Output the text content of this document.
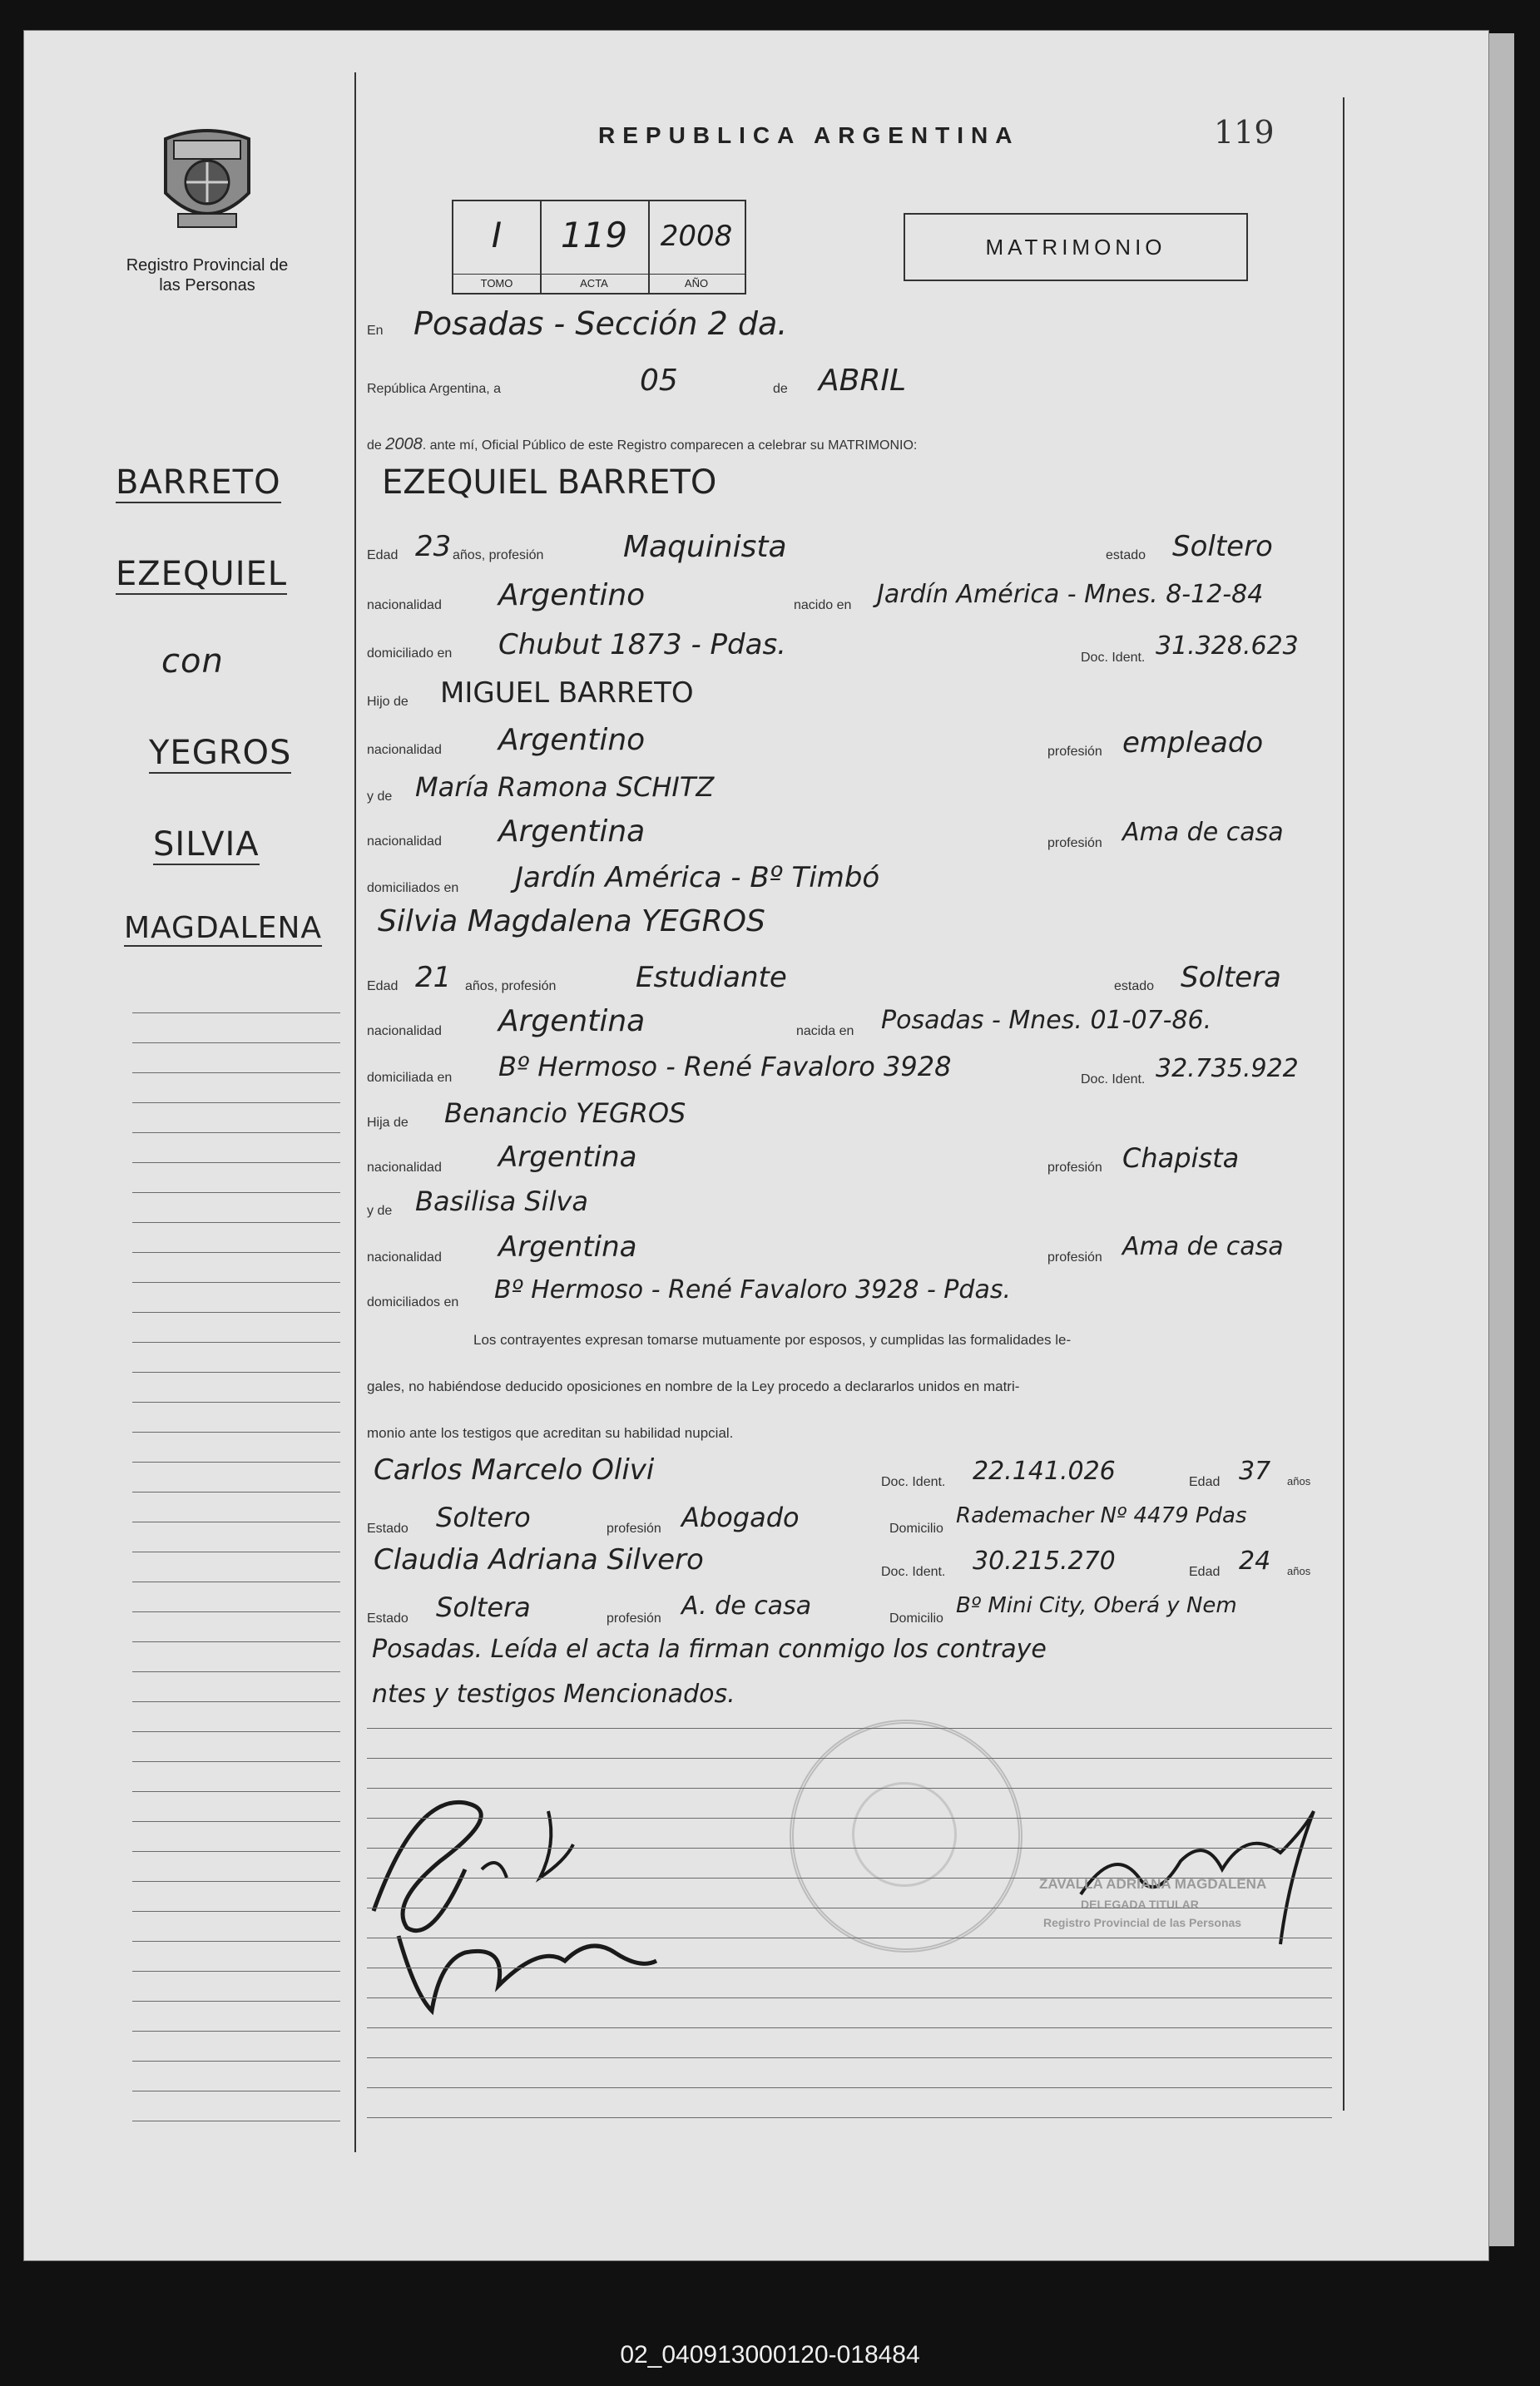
Registro Provincial de las Personas
REPUBLICA ARGENTINA	119
I
TOMO
119
ACTA
2008
AÑO
MATRIMONIO
BARRETO
EZEQUIEL
con
YEGROS
SILVIA
MAGDALENA
En Posadas - Sección 2 da.
República Argentina, a	05	de ABRIL
de 2008. ante mí, Oficial Público de este Registro comparecen a celebrar su MATRIMONIO:
EZEQUIEL BARRETO
Edad 23 años, profesión	Maquinista	estado Soltero
nacionalidad Argentino	nacido en Jardín América - Mnes. 8-12-84
domiciliado en Chubut 1873 - Pdas.	Doc. Ident. 31.328.623
Hijo de MIGUEL BARRETO
nacionalidad Argentino	profesión empleado
y de María Ramona SCHITZ
nacionalidad Argentina	profesión Ama de casa
domiciliados en Jardín América - Bº Timbó
Silvia Magdalena YEGROS
Edad 21 años, profesión	Estudiante	estado Soltera
nacionalidad Argentina	nacida en Posadas - Mnes. 01-07-86.
domiciliada en Bº Hermoso - René Favaloro 3928	Doc. Ident. 32.735.922
Hija de Benancio YEGROS
nacionalidad Argentina	profesión Chapista
y de Basilisa Silva
nacionalidad Argentina	profesión Ama de casa
domiciliados en Bº Hermoso - René Favaloro 3928 - Pdas.
Los contrayentes expresan tomarse mutuamente por esposos, y cumplidas las formalidades le-
gales, no habiéndose deducido oposiciones en nombre de la Ley procedo a declararlos unidos en matri-
monio ante los testigos que acreditan su habilidad nupcial.
Carlos Marcelo Olivi	Doc. Ident. 22.141.026	Edad 37 años
Estado Soltero	profesión Abogado	Domicilio
Rademacher Nº 4479 Pdas
Claudia Adriana Silvero	Doc. Ident. 30.215.270	Edad 24 años
Estado Soltera	profesión A. de casa	Domicilio
Bº Mini City, Oberá y Nem
Posadas. Leída el acta la firman conmigo los contraye
ntes y testigos Mencionados.
ZAVALLA ADRIANA MAGDALENA
DELEGADA TITULAR
Registro Provincial de las Personas
02_040913000120-018484
